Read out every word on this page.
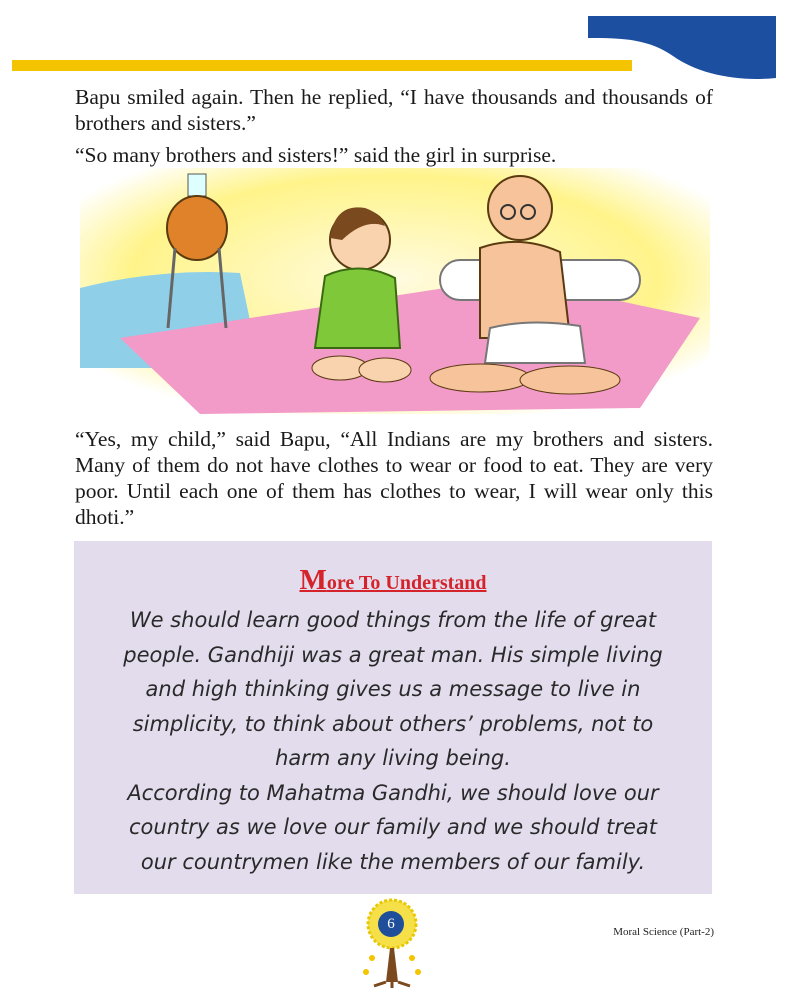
Bapu smiled again. Then he replied, “I have thousands and thousands of brothers and sisters.”

“So many brothers and sisters!” said the girl in surprise.

“Yes, my child,” said Bapu, “All Indians are my brothers and sisters. Many of them do not have clothes to wear or food to eat. They are very poor. Until each one of them has clothes to wear, I will wear only this dhoti.”

More To Understand

We should learn good things from the life of great people. Gandhiji was a great man. His simple living and high thinking gives us a message to live in simplicity, to think about others’ problems, not to harm any living being.

According to Mahatma Gandhi, we should love our country as we love our family and we should treat our countrymen like the members of our family.

6	Moral Science (Part-2)
